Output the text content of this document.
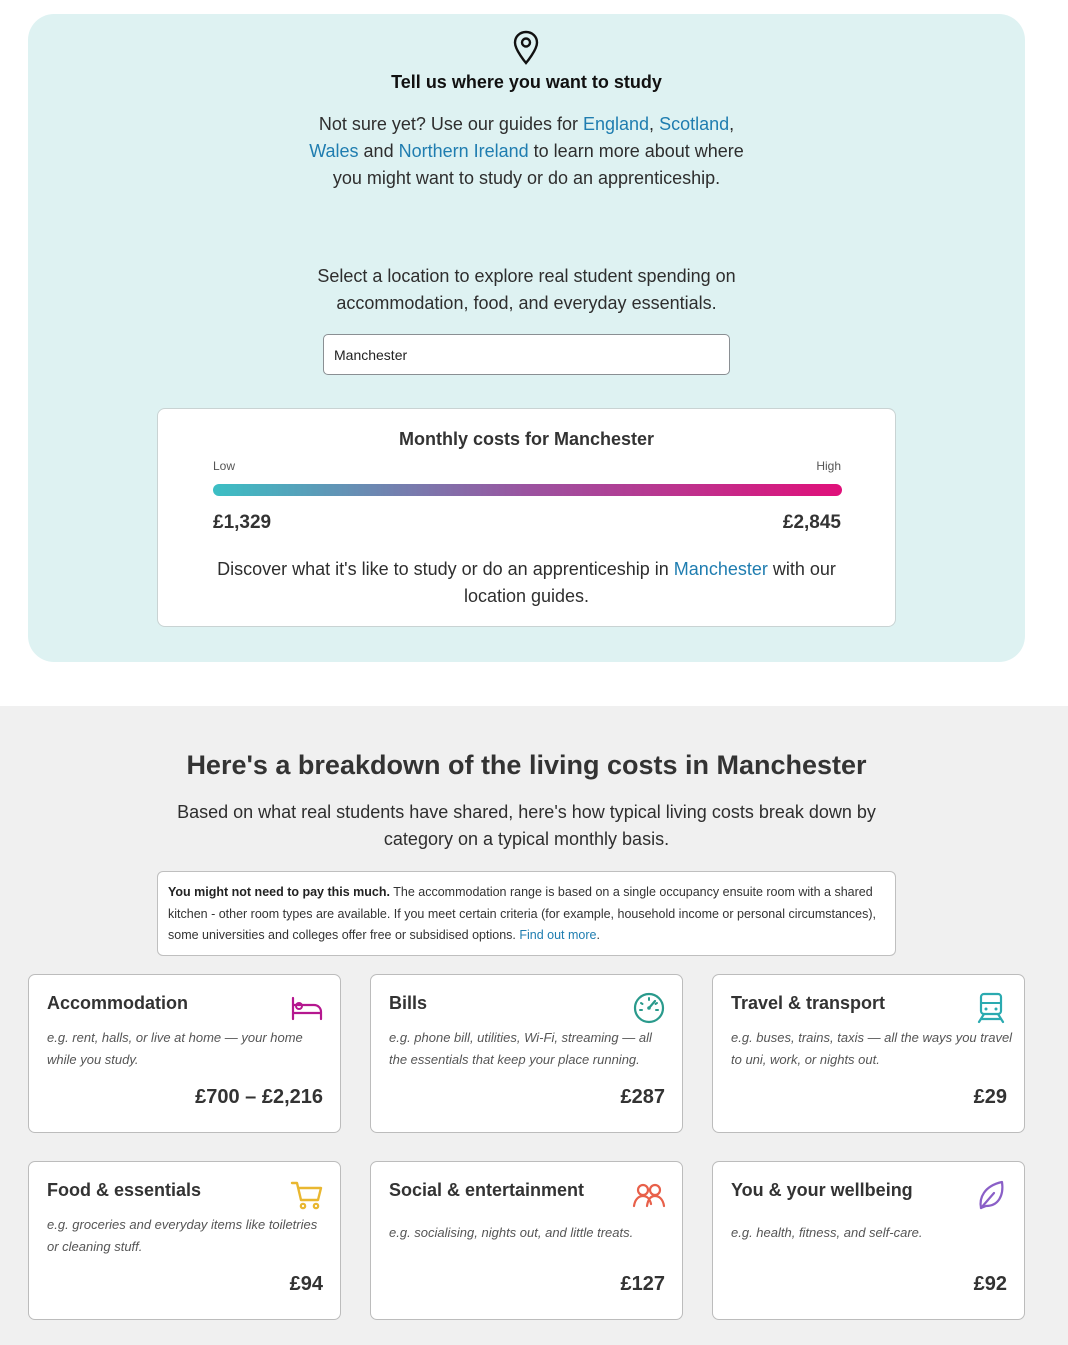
Tell us where you want to study

Not sure yet? Use our guides for England, Scotland, Wales and Northern Ireland to learn more about where you might want to study or do an apprenticeship.

Select a location to explore real student spending on accommodation, food, and everyday essentials.

Manchester
Monthly costs for Manchester
Low	High
£1,329	£2,845

Discover what it's like to study or do an apprenticeship in Manchester with our location guides.

Here's a breakdown of the living costs in Manchester

Based on what real students have shared, here's how typical living costs break down by category on a typical monthly basis.

You might not need to pay this much. The accommodation range is based on a single occupancy ensuite room with a shared kitchen - other room types are available. If you meet certain criteria (for example, household income or personal circumstances), some universities and colleges offer free or subsidised options. Find out more.
Accommodation
e.g. rent, halls, or live at home — your home while you study.
£700 – £2,216
Bills
e.g. phone bill, utilities, Wi-Fi, streaming — all the essentials that keep your place running.
£287
Travel & transport
e.g. buses, trains, taxis — all the ways you travel to uni, work, or nights out.
£29
Food & essentials
e.g. groceries and everyday items like toiletries or cleaning stuff.
£94
Social & entertainment
e.g. socialising, nights out, and little treats.
£127
You & your wellbeing
e.g. health, fitness, and self-care.
£92
